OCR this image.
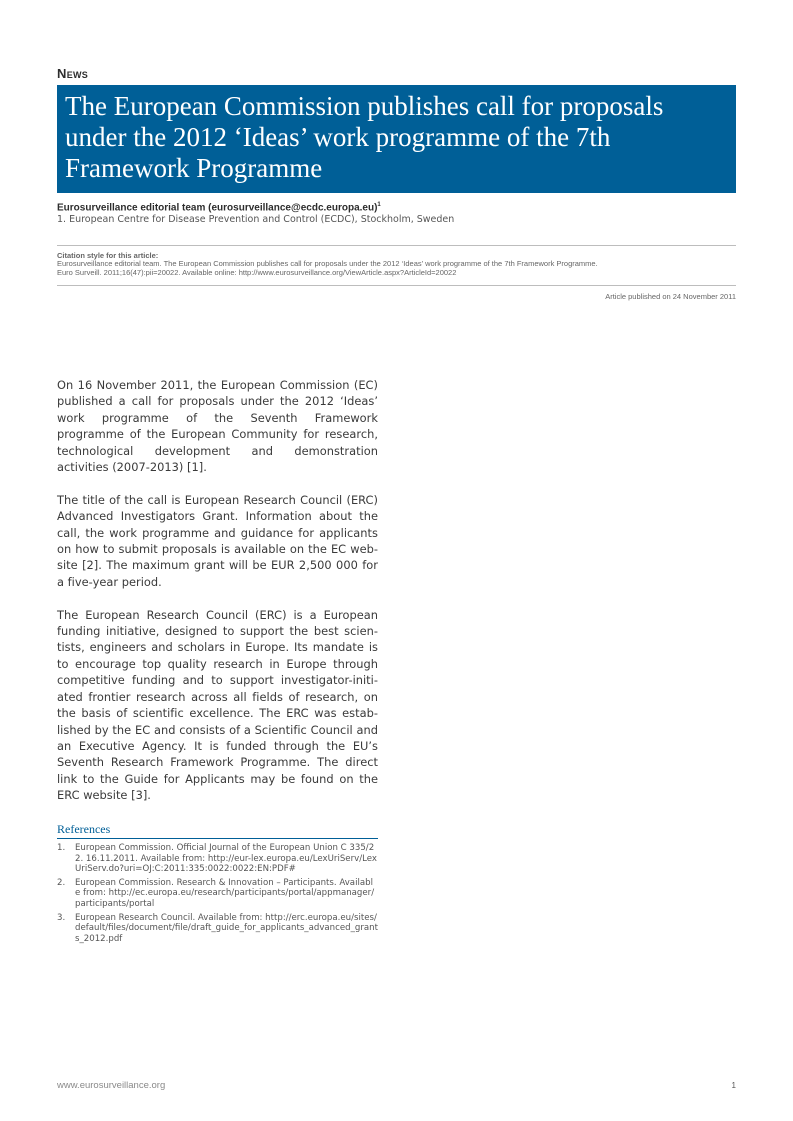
News
The European Commission publishes call for proposals under the 2012 ‘Ideas’ work programme of the 7th Framework Programme
Eurosurveillance editorial team (eurosurveillance@ecdc.europa.eu)$^1$
1. European Centre for Disease Prevention and Control (ECDC), Stockholm, Sweden
Citation style for this article:
Eurosurveillance editorial team. The European Commission publishes call for proposals under the 2012 ‘Ideas’ work programme of the 7th Framework Programme.
Euro Surveill. 2011;16(47):pii=20022. Available online: http://www.eurosurveillance.org/ViewArticle.aspx?ArticleId=20022
Article published on 24 November 2011

On 16 November 2011, the European Commission (EC) published a call for proposals under the 2012 ‘Ideas’ work programme of the Seventh Framework programme of the European Community for research, technological development and demonstration activities (2007-2013) [1].

The title of the call is European Research Council (ERC) Advanced Investigators Grant. Information about the call, the work programme and guidance for applicants on how to submit proposals is available on the EC web-site [2]. The maximum grant will be EUR 2,500 000 for a five-year period.

The European Research Council (ERC) is a European funding initiative, designed to support the best scien-tists, engineers and scholars in Europe. Its mandate is to encourage top quality research in Europe through competitive funding and to support investigator-initi-ated frontier research across all fields of research, on the basis of scientific excellence. The ERC was estab-lished by the EC and consists of a Scientific Council and an Executive Agency. It is funded through the EU’s Seventh Research Framework Programme. The direct link to the Guide for Applicants may be found on the ERC website [3].

References
1. European Commission. Official Journal of the European Union C 335/22. 16.11.2011. Available from: http://eur-lex.europa.eu/LexUriServ/LexUriServ.do?uri=OJ:C:2011:335:0022:0022:EN:PDF#
2. European Commission. Research & Innovation – Participants. Available from: http://ec.europa.eu/research/participants/portal/appmanager/participants/portal
3. European Research Council. Available from: http://erc.europa.eu/sites/default/files/document/file/draft_guide_for_applicants_advanced_grants_2012.pdf
www.eurosurveillance.org	1
